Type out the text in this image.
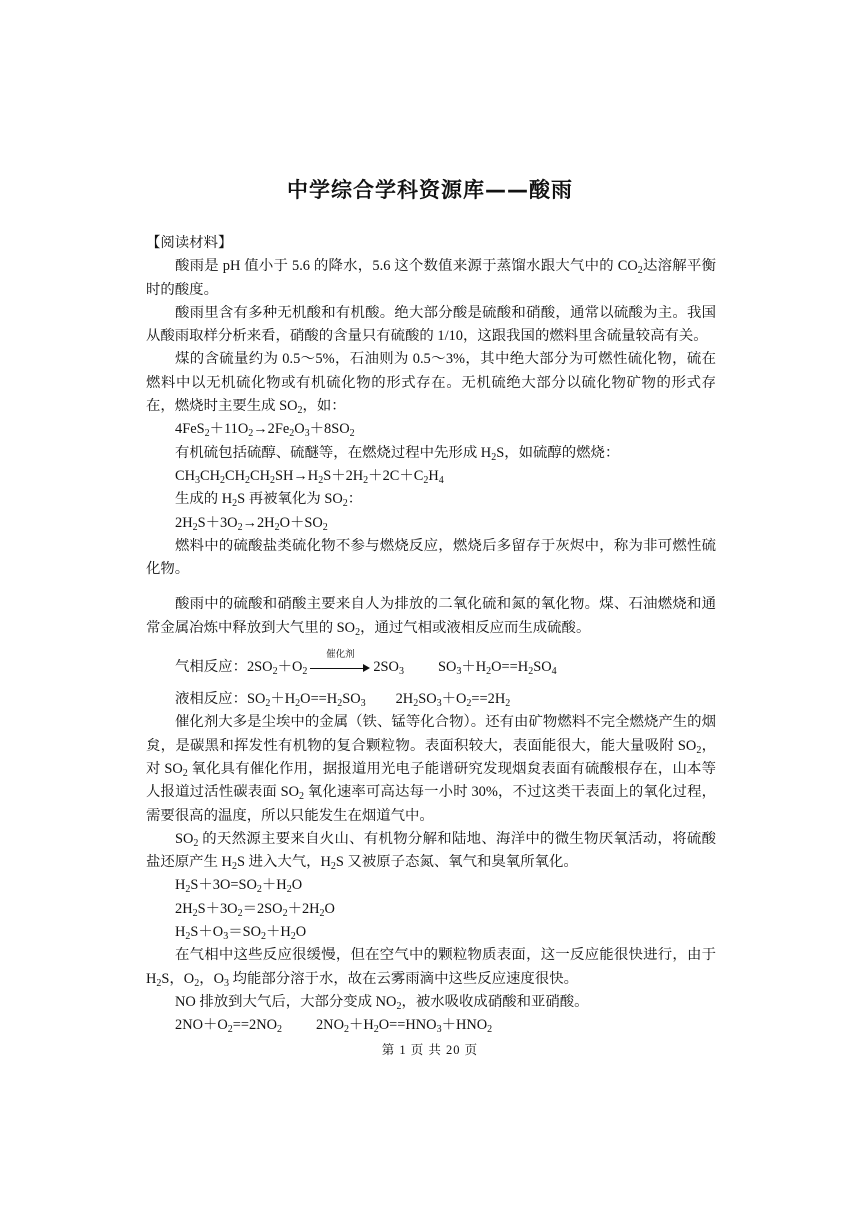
中学综合学科资源库——酸雨

【阅读材料】

酸雨是 pH 值小于 5.6 的降水，5.6 这个数值来源于蒸馏水跟大气中的 $CO_2$达溶解平衡时的酸度。

酸雨里含有多种无机酸和有机酸。绝大部分酸是硫酸和硝酸，通常以硫酸为主。我国从酸雨取样分析来看，硝酸的含量只有硫酸的 1/10，这跟我国的燃料里含硫量较高有关。

煤的含硫量约为 0.5～5%，石油则为 0.5～3%，其中绝大部分为可燃性硫化物，硫在燃料中以无机硫化物或有机硫化物的形式存在。无机硫绝大部分以硫化物矿物的形式存在，燃烧时主要生成 $SO_2$，如：

$4FeS_2+11O_2\to 2Fe_2O_3+8SO_2$

有机硫包括硫醇、硫醚等，在燃烧过程中先形成 $H_2S$，如硫醇的燃烧：

$CH_3CH_2CH_2CH_2SH\to H_2S+2H_2+2C+C_2H_4$

生成的 $H_2S$ 再被氧化为 $SO_2$：

$2H_2S+3O_2\to 2H_2O+SO_2$

燃料中的硫酸盐类硫化物不参与燃烧反应，燃烧后多留存于灰烬中，称为非可燃性硫化物。

酸雨中的硫酸和硝酸主要来自人为排放的二氧化硫和氮的氧化物。煤、石油燃烧和通常金属冶炼中释放到大气里的 $SO_2$，通过气相或液相反应而生成硫酸。

气相反应：$2SO_2+O_2$
催化剂
$2SO_3$ $SO_3+H_2O==H_2SO_4$

液相反应：$SO_2+H_2O==H_2SO_3$ $2H_2SO_3+O_2==2H_2$

催化剂大多是尘埃中的金属（铁、锰等化合物）。还有由矿物燃料不完全燃烧产生的烟炱，是碳黑和挥发性有机物的复合颗粒物。表面积较大，表面能很大，能大量吸附 $SO_2$，对 $SO_2$ 氧化具有催化作用，据报道用光电子能谱研究发现烟炱表面有硫酸根存在，山本等人报道过活性碳表面 $SO_2$ 氧化速率可高达每一小时 30%，不过这类干表面上的氧化过程，需要很高的温度，所以只能发生在烟道气中。

$SO_2$ 的天然源主要来自火山、有机物分解和陆地、海洋中的微生物厌氧活动，将硫酸盐还原产生 $H_2S$ 进入大气，$H_2S$ 又被原子态氮、氧气和臭氧所氧化。

$H_2S+3O=SO_2+H_2O$

$2H_2S+3O_2=2SO_2+2H_2O$

$H_2S+O_3=SO_2+H_2O$

在气相中这些反应很缓慢，但在空气中的颗粒物质表面，这一反应能很快进行，由于 $H_2S$，$O_2$，$O_3$ 均能部分溶于水，故在云雾雨滴中这些反应速度很快。

NO 排放到大气后，大部分变成 $NO_2$，被水吸收成硝酸和亚硝酸。

$2NO+O_2==2NO_2$ $2NO_2+H_2O==HNO_3+HNO_2$

第 1 页 共 20 页
